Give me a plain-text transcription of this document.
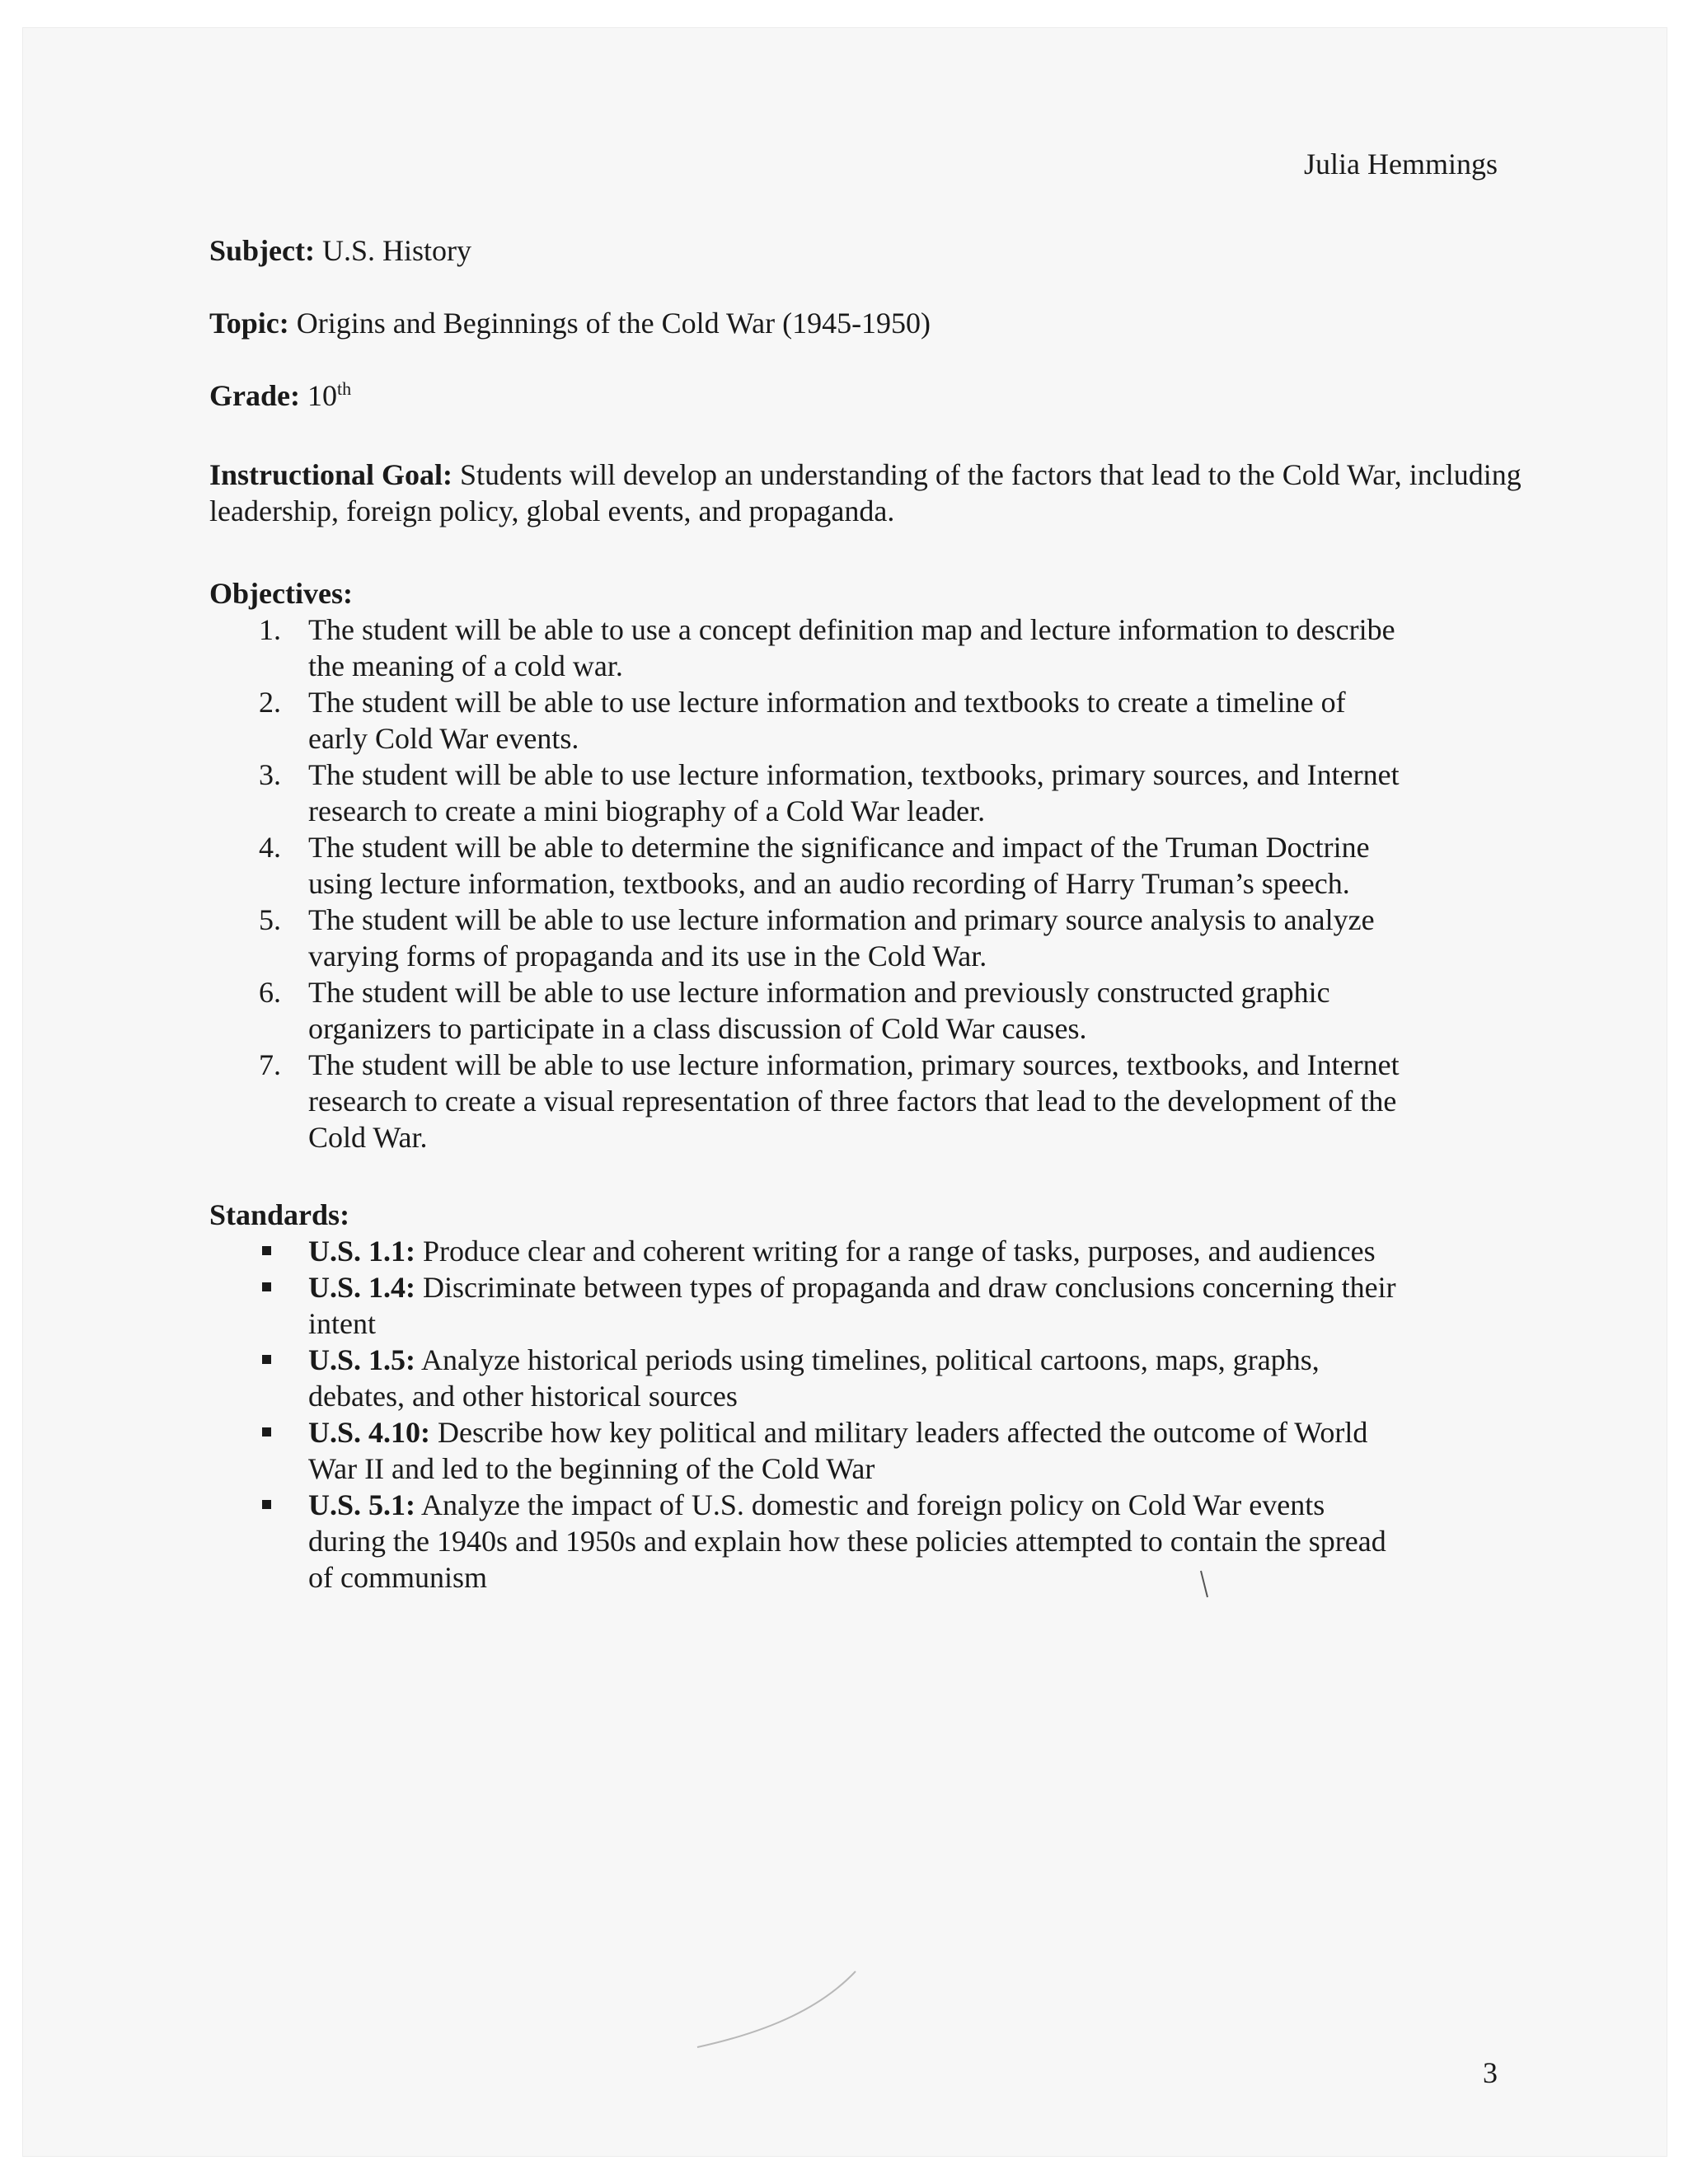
Julia Hemmings
Subject: U.S. History
Topic: Origins and Beginnings of the Cold War (1945-1950)
Grade: 10th
Instructional Goal: Students will develop an understanding of the factors that lead to the Cold War, including leadership, foreign policy, global events, and propaganda.
Objectives:
1. The student will be able to use a concept definition map and lecture information to describe
the meaning of a cold war.
2. The student will be able to use lecture information and textbooks to create a timeline of
early Cold War events.
3. The student will be able to use lecture information, textbooks, primary sources, and Internet
research to create a mini biography of a Cold War leader.
4. The student will be able to determine the significance and impact of the Truman Doctrine
using lecture information, textbooks, and an audio recording of Harry Truman’s speech.
5. The student will be able to use lecture information and primary source analysis to analyze
varying forms of propaganda and its use in the Cold War.
6. The student will be able to use lecture information and previously constructed graphic
organizers to participate in a class discussion of Cold War causes.
7. The student will be able to use lecture information, primary sources, textbooks, and Internet
research to create a visual representation of three factors that lead to the development of the
Cold War.
Standards:
U.S. 1.1: Produce clear and coherent writing for a range of tasks, purposes, and audiences
U.S. 1.4: Discriminate between types of propaganda and draw conclusions concerning their
intent
U.S. 1.5: Analyze historical periods using timelines, political cartoons, maps, graphs,
debates, and other historical sources
U.S. 4.10: Describe how key political and military leaders affected the outcome of World
War II and led to the beginning of the Cold War
U.S. 5.1: Analyze the impact of U.S. domestic and foreign policy on Cold War events
during the 1940s and 1950s and explain how these policies attempted to contain the spread
of communism
3
